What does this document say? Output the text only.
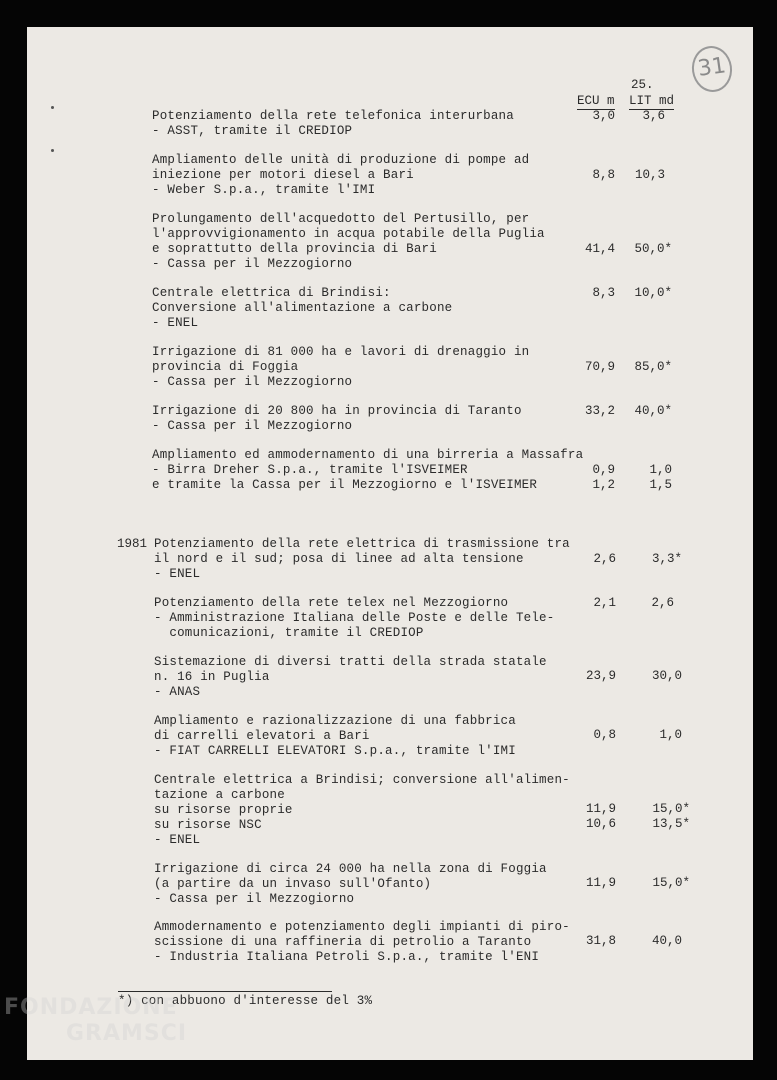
31
25.
ECU m LIT md
Potenziamento della rete telefonica interurbana
- ASST, tramite il CREDIOP
3,0	3,6
Ampliamento delle unità di produzione di pompe ad
iniezione per motori diesel a Bari
- Weber S.p.a., tramite l'IMI
8,8	10,3
Prolungamento dell'acquedotto del Pertusillo, per
l'approvvigionamento in acqua potabile della Puglia
e soprattutto della provincia di Bari
- Cassa per il Mezzogiorno
41,4	50,0*
Centrale elettrica di Brindisi:
Conversione all'alimentazione a carbone
- ENEL
8,3	10,0*
Irrigazione di 81 000 ha e lavori di drenaggio in
provincia di Foggia
- Cassa per il Mezzogiorno
70,9	85,0*
Irrigazione di 20 800 ha in provincia di Taranto
- Cassa per il Mezzogiorno
33,2	40,0*
Ampliamento ed ammodernamento di una birreria a Massafra
- Birra Dreher S.p.a., tramite l'ISVEIMER
e tramite la Cassa per il Mezzogiorno e l'ISVEIMER
0,9	1,0
1,2	1,5
1981 Potenziamento della rete elettrica di trasmissione tra
il nord e il sud; posa di linee ad alta tensione
- ENEL
2,6	3,3*
Potenziamento della rete telex nel Mezzogiorno
- Amministrazione Italiana delle Poste e delle Tele-
comunicazioni, tramite il CREDIOP
2,1	2,6
Sistemazione di diversi tratti della strada statale
n. 16 in Puglia
- ANAS
23,9	30,0
Ampliamento e razionalizzazione di una fabbrica
di carrelli elevatori a Bari
- FIAT CARRELLI ELEVATORI S.p.a., tramite l'IMI
0,8	1,0
Centrale elettrica a Brindisi; conversione all'alimen-
tazione a carbone
su risorse proprie
su risorse NSC
- ENEL
11,9	15,0*
10,6	13,5*
Irrigazione di circa 24 000 ha nella zona di Foggia
(a partire da un invaso sull'Ofanto)
- Cassa per il Mezzogiorno
11,9	15,0*
Ammodernamento e potenziamento degli impianti di piro-
scissione di una raffineria di petrolio a Taranto
- Industria Italiana Petroli S.p.a., tramite l'ENI
31,8	40,0
*) con abbuono d'interesse del 3%
FONDAZIONE
GRAMSCI
